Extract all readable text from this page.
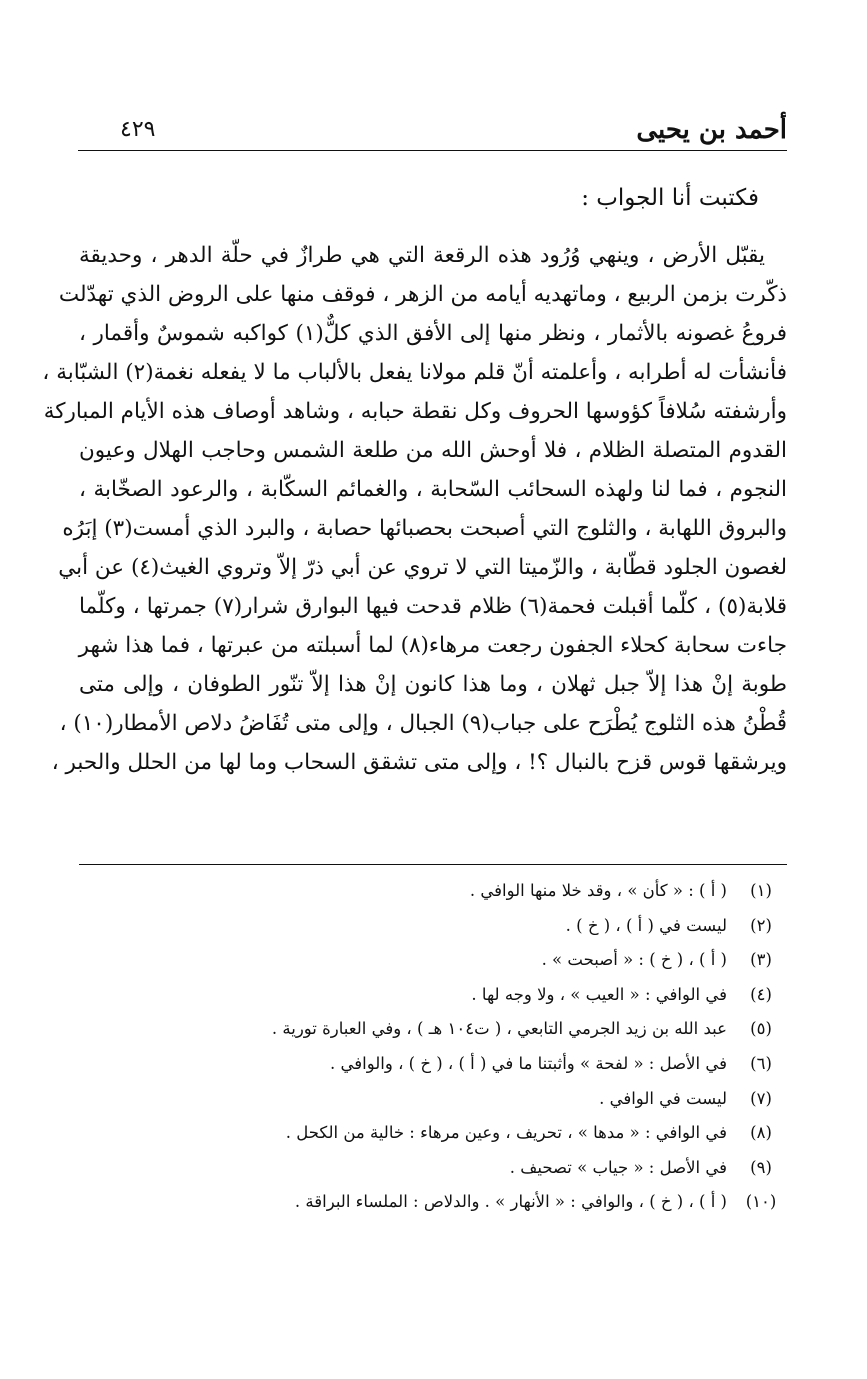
أحمد بن يحيى
٤٢٩
فكتبت أنا الجواب :
يقبّل الأرض ، وينهي وُرُود هذه الرقعة التي هي طرازٌ في حلّة الدهر ، وحديقة
ذكّرت بزمن الربيع ، وماتهديه أيامه من الزهر ، فوقف منها على الروض الذي تهدّلت
فروعُ غصونه بالأثمار ، ونظر منها إلى الأفق الذي كلٌّ(١) كواكبه شموسٌ وأقمار ،
فأنشأت له أطرابه ، وأعلمته أنّ قلم مولانا يفعل بالألباب ما لا يفعله نغمة(٢) الشبّابة ،
وأرشفته سُلافاً كؤوسها الحروف وكل نقطة حبابه ، وشاهد أوصاف هذه الأيام المباركة
القدوم المتصلة الظلام ، فلا أوحش الله من طلعة الشمس وحاجب الهلال وعيون
النجوم ، فما لنا ولهذه السحائب السّحابة ، والغمائم السكّابة ، والرعود الصخّابة ،
والبروق اللهابة ، والثلوج التي أصبحت بحصبائها حصابة ، والبرد الذي أمست(٣) إبَرُه
لغصون الجلود قطّابة ، والزّميتا التي لا تروي عن أبي ذرّ إلاّ وتروي الغيث(٤) عن أبي
قلابة(٥) ، كلّما أقبلت فحمة(٦) ظلام قدحت فيها البوارق شرار(٧) جمرتها ، وكلّما
جاءت سحابة كحلاء الجفون رجعت مرهاء(٨) لما أسبلته من عبرتها ، فما هذا شهر
طوبة إنْ هذا إلاّ جبل ثهلان ، وما هذا كانون إنْ هذا إلاّ تنّور الطوفان ، وإلى متى
قُطْنُ هذه الثلوج يُطْرَح على جباب(٩) الجبال ، وإلى متى تُفَاضُ دلاص الأمطار(١٠) ،
ويرشقها قوس قزح بالنبال ؟! ، وإلى متى تشقق السحاب وما لها من الحلل والحبر ،
(١)
( أ ) : « كأن » ، وقد خلا منها الوافي .
(٢)
ليست في ( أ ) ، ( خ ) .
(٣)
( أ ) ، ( خ ) : « أصبحت » .
(٤)
في الوافي : « العيب » ، ولا وجه لها .
(٥)
عبد الله بن زيد الجرمي التابعي ، ( ت١٠٤ هـ ) ، وفي العبارة تورية .
(٦)
في الأصل : « لفحة » وأثبتنا ما في ( أ ) ، ( خ ) ، والوافي .
(٧)
ليست في الوافي .
(٨)
في الوافي : « مدها » ، تحريف ، وعين مرهاء : خالية من الكحل .
(٩)
في الأصل : « جياب » تصحيف .
(١٠)
( أ ) ، ( خ ) ، والوافي : « الأنهار » . والدلاص : الملساء البراقة .
